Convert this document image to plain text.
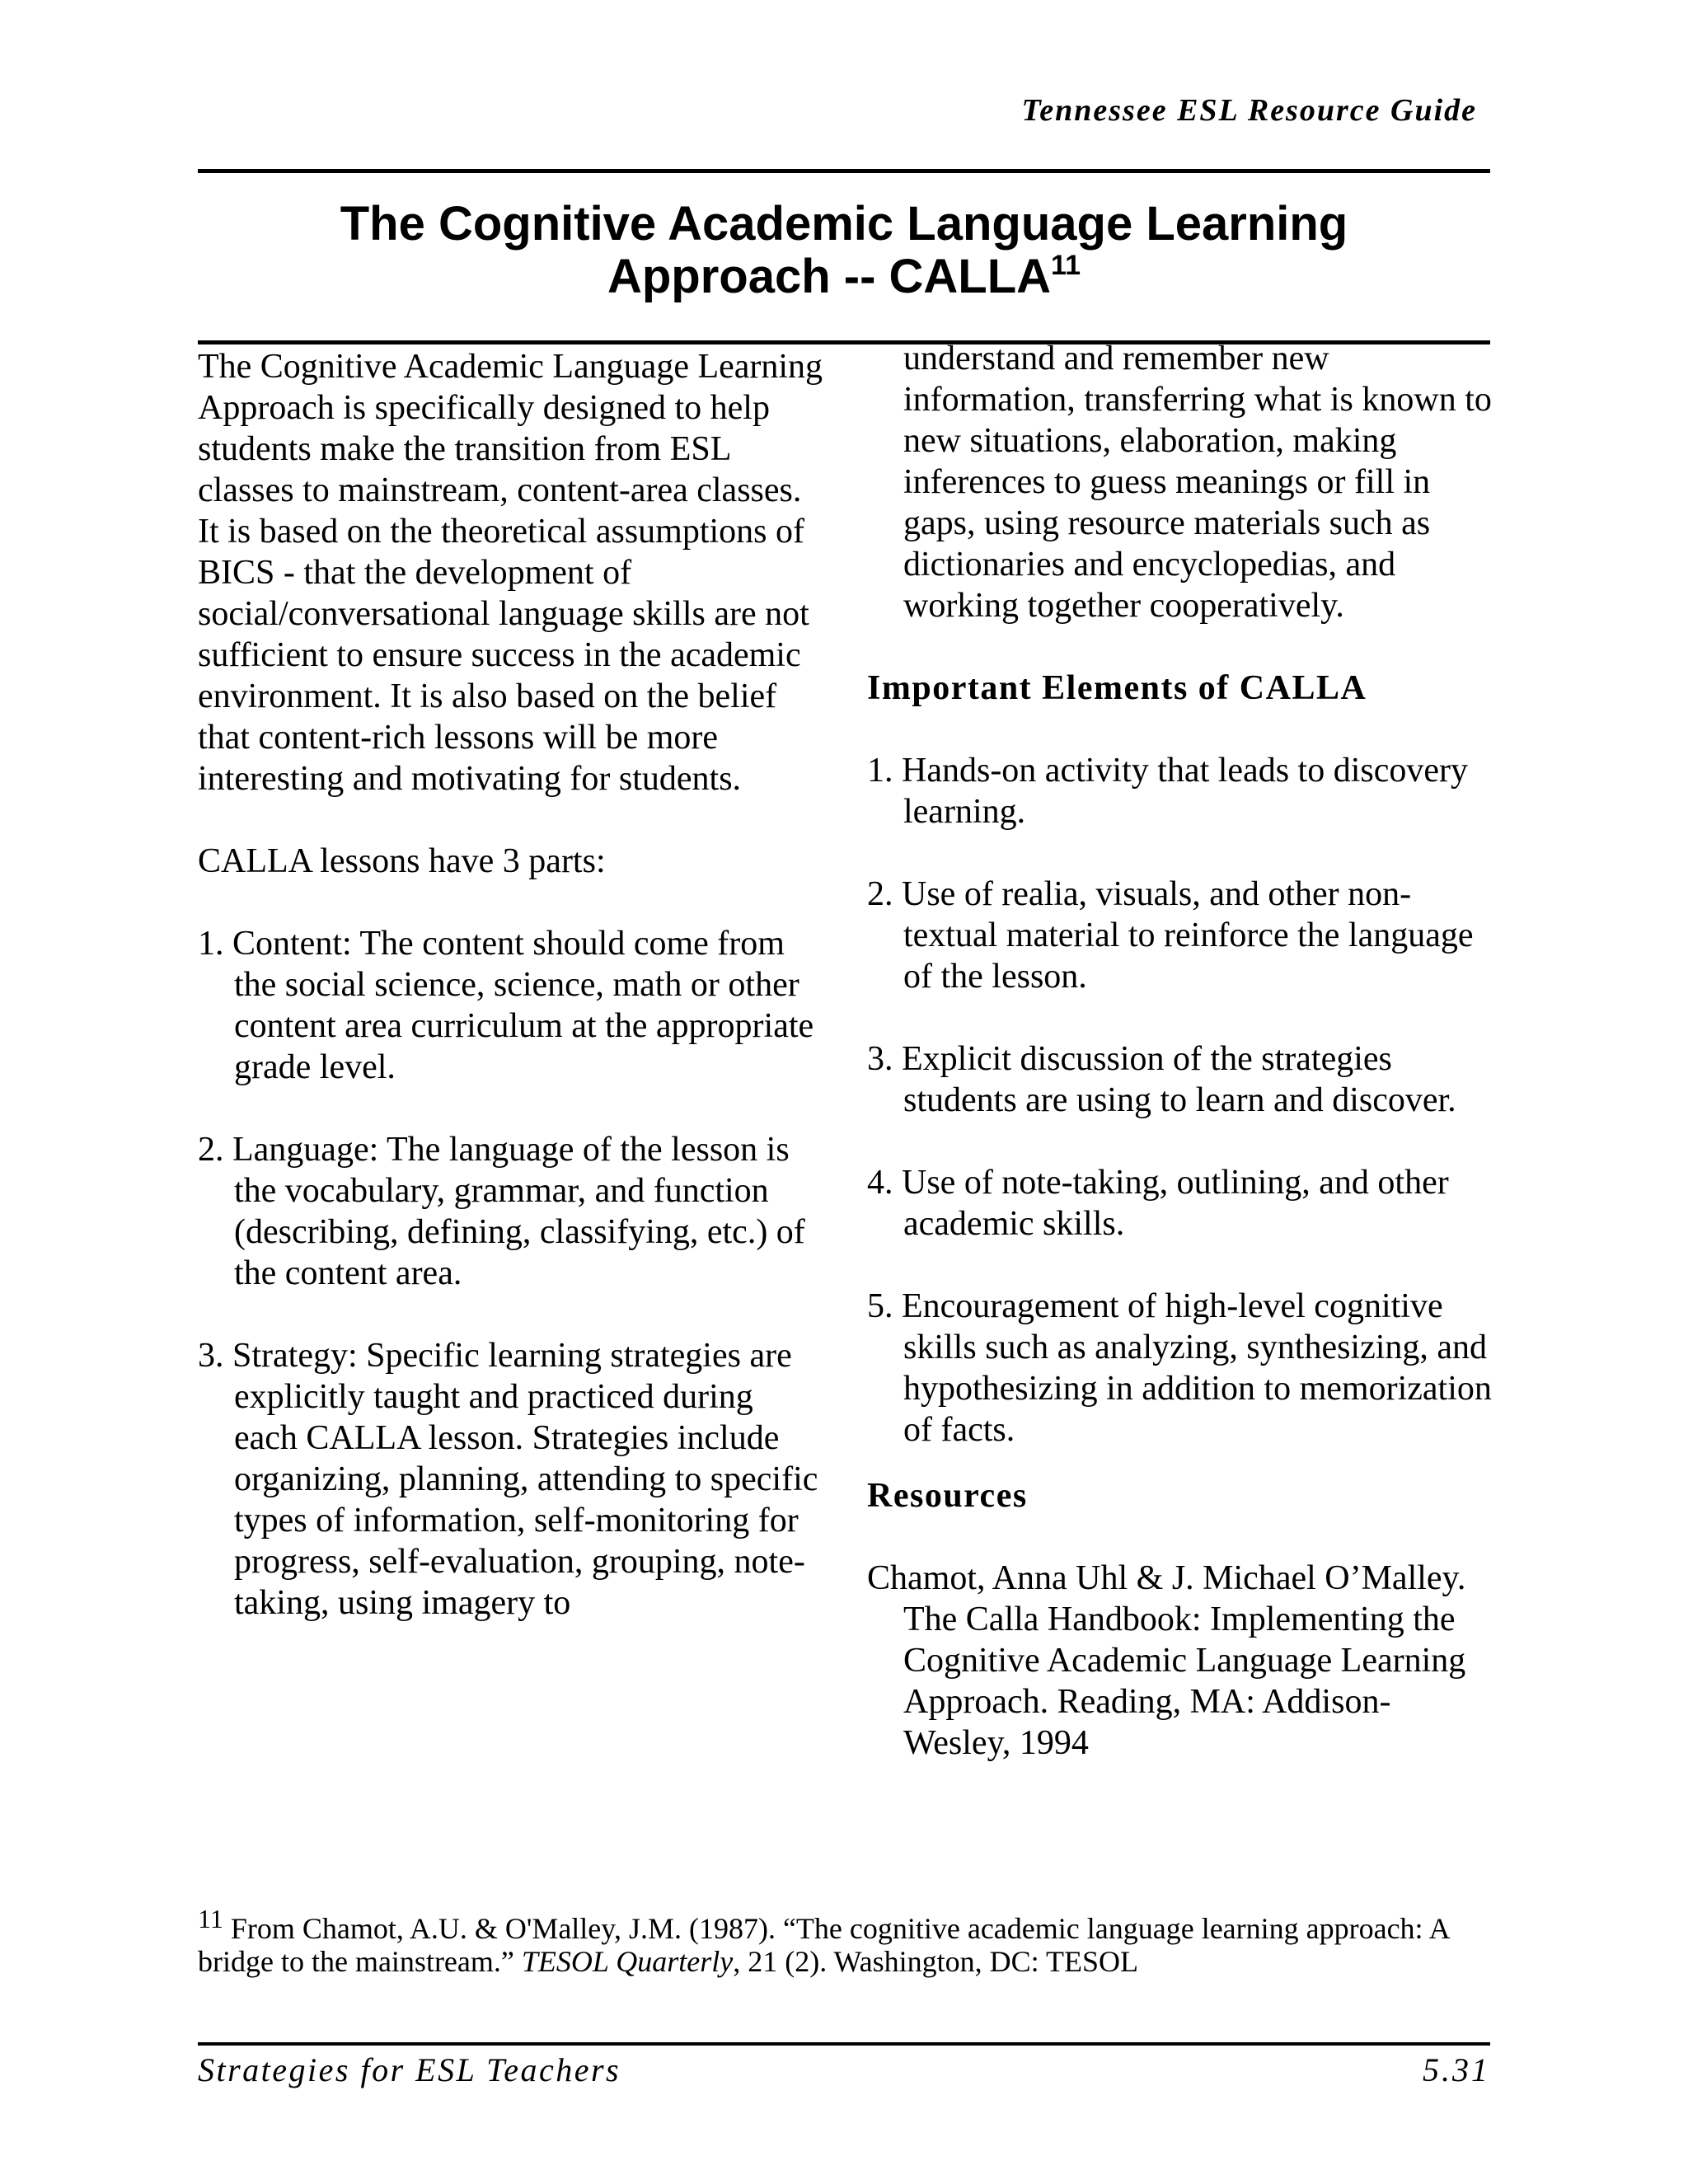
Tennessee ESL Resource Guide
The Cognitive Academic Language Learning
Approach -- CALLA$^{11}$

The Cognitive Academic Language Learning Approach is specifically designed to help students make the transition from ESL classes to mainstream, content-area classes. It is based on the theoretical assumptions of BICS - that the development of social/conversational language skills are not sufficient to ensure success in the academic environment. It is also based on the belief that content-rich lessons will be more interesting and motivating for students.

CALLA lessons have 3 parts:

1. Content: The content should come from the social science, science, math or other content area curriculum at the appropriate grade level.
2. Language: The language of the lesson is the vocabulary, grammar, and function (describing, defining, classifying, etc.) of the content area.
3. Strategy: Specific learning strategies are explicitly taught and practiced during each CALLA lesson. Strategies include organizing, planning, attending to specific types of information, self-monitoring for progress, self-evaluation, grouping, note-taking, using imagery to

understand and remember new information, transferring what is known to new situations, elaboration, making inferences to guess meanings or fill in gaps, using resource materials such as dictionaries and encyclopedias, and working together cooperatively.

Important Elements of CALLA
1. Hands-on activity that leads to discovery learning.
2. Use of realia, visuals, and other non-textual material to reinforce the language of the lesson.
3. Explicit discussion of the strategies students are using to learn and discover.
4. Use of note-taking, outlining, and other academic skills.
5. Encouragement of high-level cognitive skills such as analyzing, synthesizing, and hypothesizing in addition to memorization of facts.
Resources

Chamot, Anna Uhl & J. Michael O’Malley. The Calla Handbook: Implementing the Cognitive Academic Language Learning Approach. Reading, MA: Addison-Wesley, 1994

11 From Chamot, A.U. & O'Malley, J.M. (1987). “The cognitive academic language learning approach: A bridge to the mainstream.” TESOL Quarterly, 21 (2). Washington, DC: TESOL
Strategies for ESL Teachers	5.31
